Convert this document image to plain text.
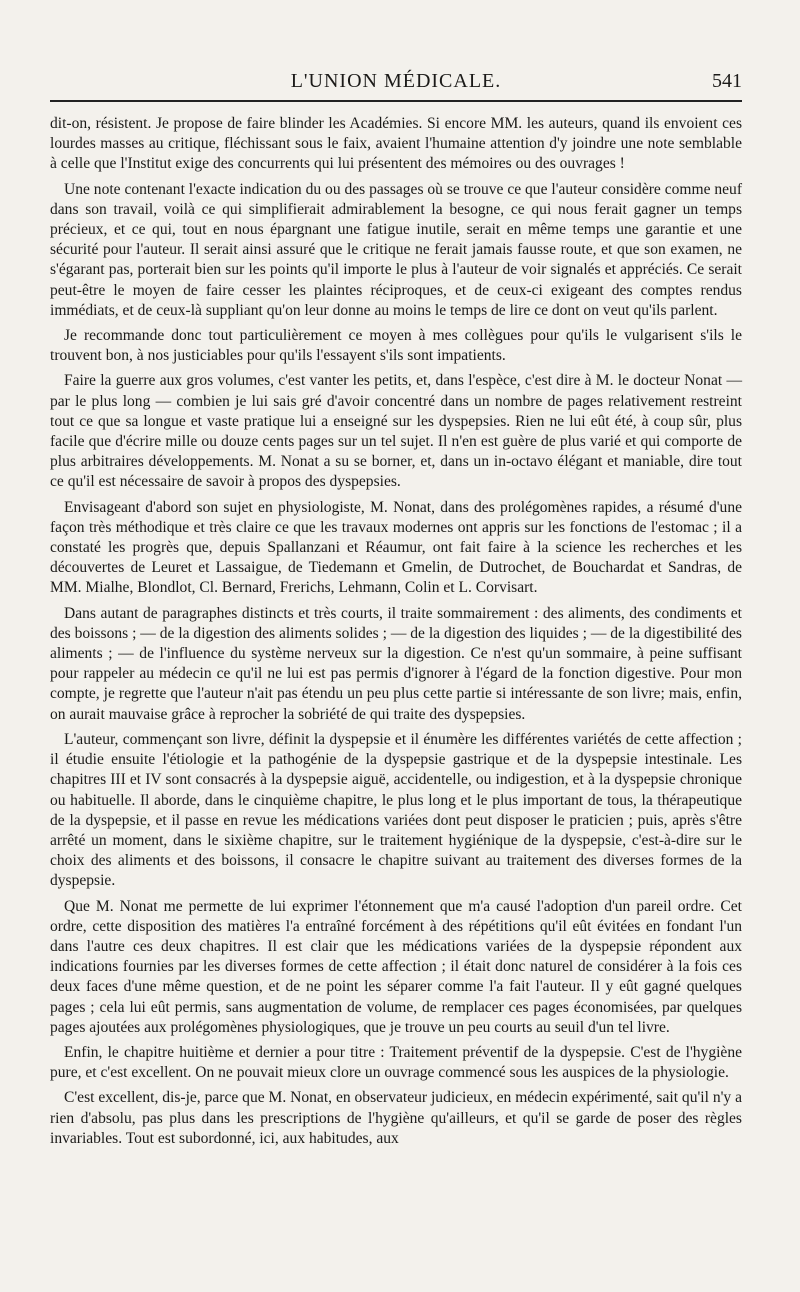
L'UNION MÉDICALE.	541

dit-on, résistent. Je propose de faire blinder les Académies. Si encore MM. les auteurs, quand ils envoient ces lourdes masses au critique, fléchissant sous le faix, avaient l'humaine attention d'y joindre une note semblable à celle que l'Institut exige des concurrents qui lui présentent des mémoires ou des ouvrages !

Une note contenant l'exacte indication du ou des passages où se trouve ce que l'auteur considère comme neuf dans son travail, voilà ce qui simplifierait admirablement la besogne, ce qui nous ferait gagner un temps précieux, et ce qui, tout en nous épargnant une fatigue inutile, serait en même temps une garantie et une sécurité pour l'auteur. Il serait ainsi assuré que le critique ne ferait jamais fausse route, et que son examen, ne s'égarant pas, porterait bien sur les points qu'il importe le plus à l'auteur de voir signalés et appréciés. Ce serait peut-être le moyen de faire cesser les plaintes réciproques, et de ceux-ci exigeant des comptes rendus immédiats, et de ceux-là suppliant qu'on leur donne au moins le temps de lire ce dont on veut qu'ils parlent.

Je recommande donc tout particulièrement ce moyen à mes collègues pour qu'ils le vulgarisent s'ils le trouvent bon, à nos justiciables pour qu'ils l'essayent s'ils sont impatients.

Faire la guerre aux gros volumes, c'est vanter les petits, et, dans l'espèce, c'est dire à M. le docteur Nonat — par le plus long — combien je lui sais gré d'avoir concentré dans un nombre de pages relativement restreint tout ce que sa longue et vaste pratique lui a enseigné sur les dyspepsies. Rien ne lui eût été, à coup sûr, plus facile que d'écrire mille ou douze cents pages sur un tel sujet. Il n'en est guère de plus varié et qui comporte de plus arbitraires développements. M. Nonat a su se borner, et, dans un in-octavo élégant et maniable, dire tout ce qu'il est nécessaire de savoir à propos des dyspepsies.

Envisageant d'abord son sujet en physiologiste, M. Nonat, dans des prolégomènes rapides, a résumé d'une façon très méthodique et très claire ce que les travaux modernes ont appris sur les fonctions de l'estomac ; il a constaté les progrès que, depuis Spallanzani et Réaumur, ont fait faire à la science les recherches et les découvertes de Leuret et Lassaigue, de Tiedemann et Gmelin, de Dutrochet, de Bouchardat et Sandras, de MM. Mialhe, Blondlot, Cl. Bernard, Frerichs, Lehmann, Colin et L. Corvisart.

Dans autant de paragraphes distincts et très courts, il traite sommairement : des aliments, des condiments et des boissons ; — de la digestion des aliments solides ; — de la digestion des liquides ; — de la digestibilité des aliments ; — de l'influence du système nerveux sur la digestion. Ce n'est qu'un sommaire, à peine suffisant pour rappeler au médecin ce qu'il ne lui est pas permis d'ignorer à l'égard de la fonction digestive. Pour mon compte, je regrette que l'auteur n'ait pas étendu un peu plus cette partie si intéressante de son livre; mais, enfin, on aurait mauvaise grâce à reprocher la sobriété de qui traite des dyspepsies.

L'auteur, commençant son livre, définit la dyspepsie et il énumère les différentes variétés de cette affection ; il étudie ensuite l'étiologie et la pathogénie de la dyspepsie gastrique et de la dyspepsie intestinale. Les chapitres III et IV sont consacrés à la dyspepsie aiguë, accidentelle, ou indigestion, et à la dyspepsie chronique ou habituelle. Il aborde, dans le cinquième chapitre, le plus long et le plus important de tous, la thérapeutique de la dyspepsie, et il passe en revue les médications variées dont peut disposer le praticien ; puis, après s'être arrêté un moment, dans le sixième chapitre, sur le traitement hygiénique de la dyspepsie, c'est-à-dire sur le choix des aliments et des boissons, il consacre le chapitre suivant au traitement des diverses formes de la dyspepsie.

Que M. Nonat me permette de lui exprimer l'étonnement que m'a causé l'adoption d'un pareil ordre. Cet ordre, cette disposition des matières l'a entraîné forcément à des répétitions qu'il eût évitées en fondant l'un dans l'autre ces deux chapitres. Il est clair que les médications variées de la dyspepsie répondent aux indications fournies par les diverses formes de cette affection ; il était donc naturel de considérer à la fois ces deux faces d'une même question, et de ne point les séparer comme l'a fait l'auteur. Il y eût gagné quelques pages ; cela lui eût permis, sans augmentation de volume, de remplacer ces pages économisées, par quelques pages ajoutées aux prolégomènes physiologiques, que je trouve un peu courts au seuil d'un tel livre.

Enfin, le chapitre huitième et dernier a pour titre : Traitement préventif de la dyspepsie. C'est de l'hygiène pure, et c'est excellent. On ne pouvait mieux clore un ouvrage commencé sous les auspices de la physiologie.

C'est excellent, dis-je, parce que M. Nonat, en observateur judicieux, en médecin expérimenté, sait qu'il n'y a rien d'absolu, pas plus dans les prescriptions de l'hygiène qu'ailleurs, et qu'il se garde de poser des règles invariables. Tout est subordonné, ici, aux habitudes, aux
